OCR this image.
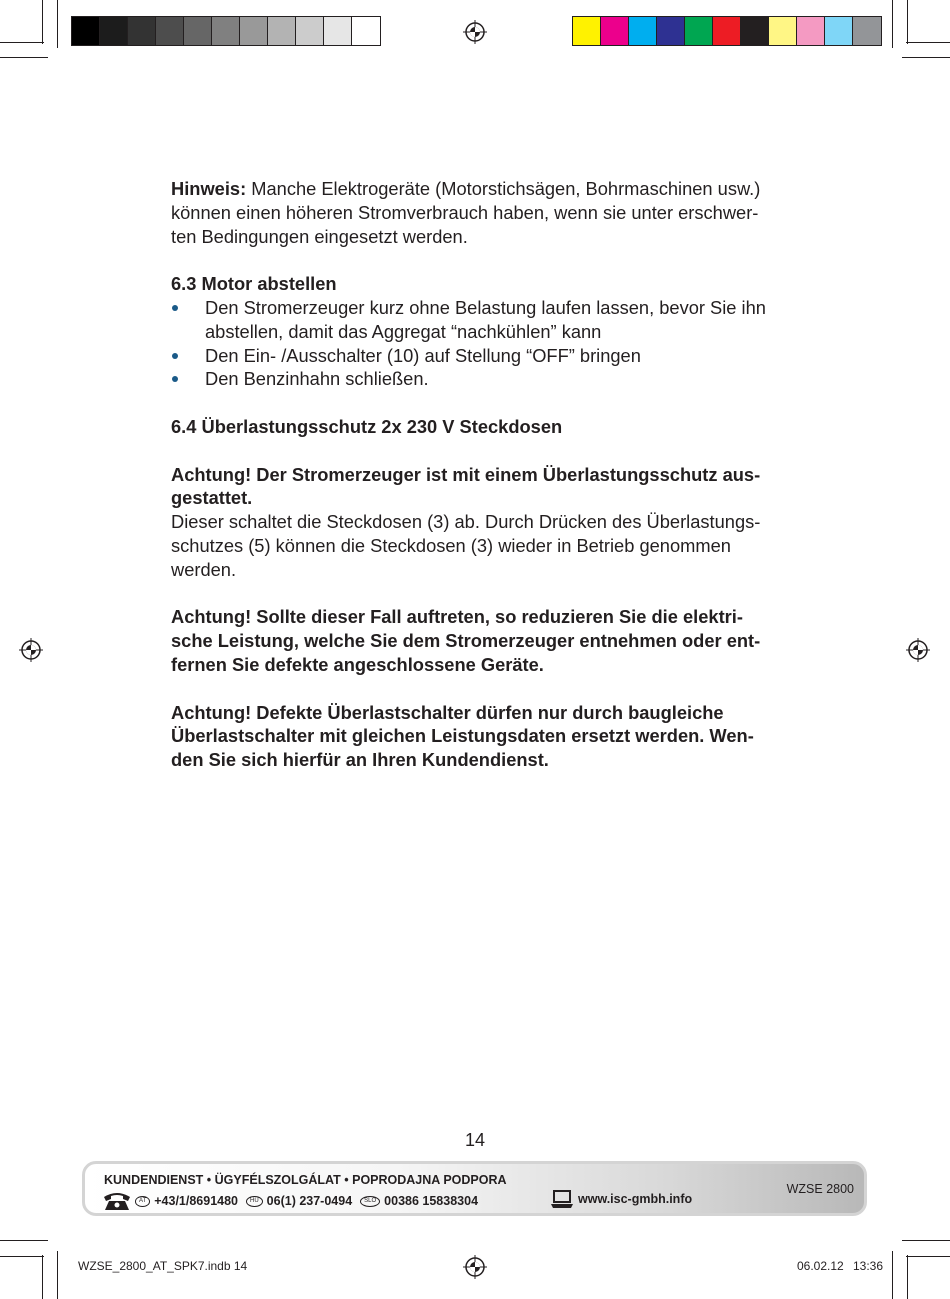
Hinweis: Manche Elektrogeräte (Motorstichsägen, Bohrmaschinen usw.) können einen höheren Stromverbrauch haben, wenn sie unter erschwer-ten Bedingungen eingesetzt werden.

6.3 Motor abstellen
Den Stromerzeuger kurz ohne Belastung laufen lassen, bevor Sie ihn abstellen, damit das Aggregat “nachkühlen” kann
Den Ein- /Ausschalter (10) auf Stellung “OFF” bringen
Den Benzinhahn schließen.
6.4 Überlastungsschutz 2x 230 V Steckdosen

Achtung! Der Stromerzeuger ist mit einem Überlastungsschutz aus-gestattet.

Dieser schaltet die Steckdosen (3) ab. Durch Drücken des Überlastungs-schutzes (5) können die Steckdosen (3) wieder in Betrieb genommen werden.

Achtung! Sollte dieser Fall auftreten, so reduzieren Sie die elektri-sche Leistung, welche Sie dem Stromerzeuger entnehmen oder ent-fernen Sie defekte angeschlossene Geräte.

Achtung! Defekte Überlastschalter dürfen nur durch baugleiche Überlastschalter mit gleichen Leistungsdaten ersetzt werden. Wen-den Sie sich hierfür an Ihren Kundendienst.

14
KUNDENDIENST • ÜGYFÉLSZOLGÁLAT • POPRODAJNA PODPORA
AT +43/1/8691480	HU 06(1) 237-0494	SLO 00386 15838304	www.isc-gmbh.info
WZSE 2800
WZSE_2800_AT_SPK7.indb 14	06.02.12 13:36
